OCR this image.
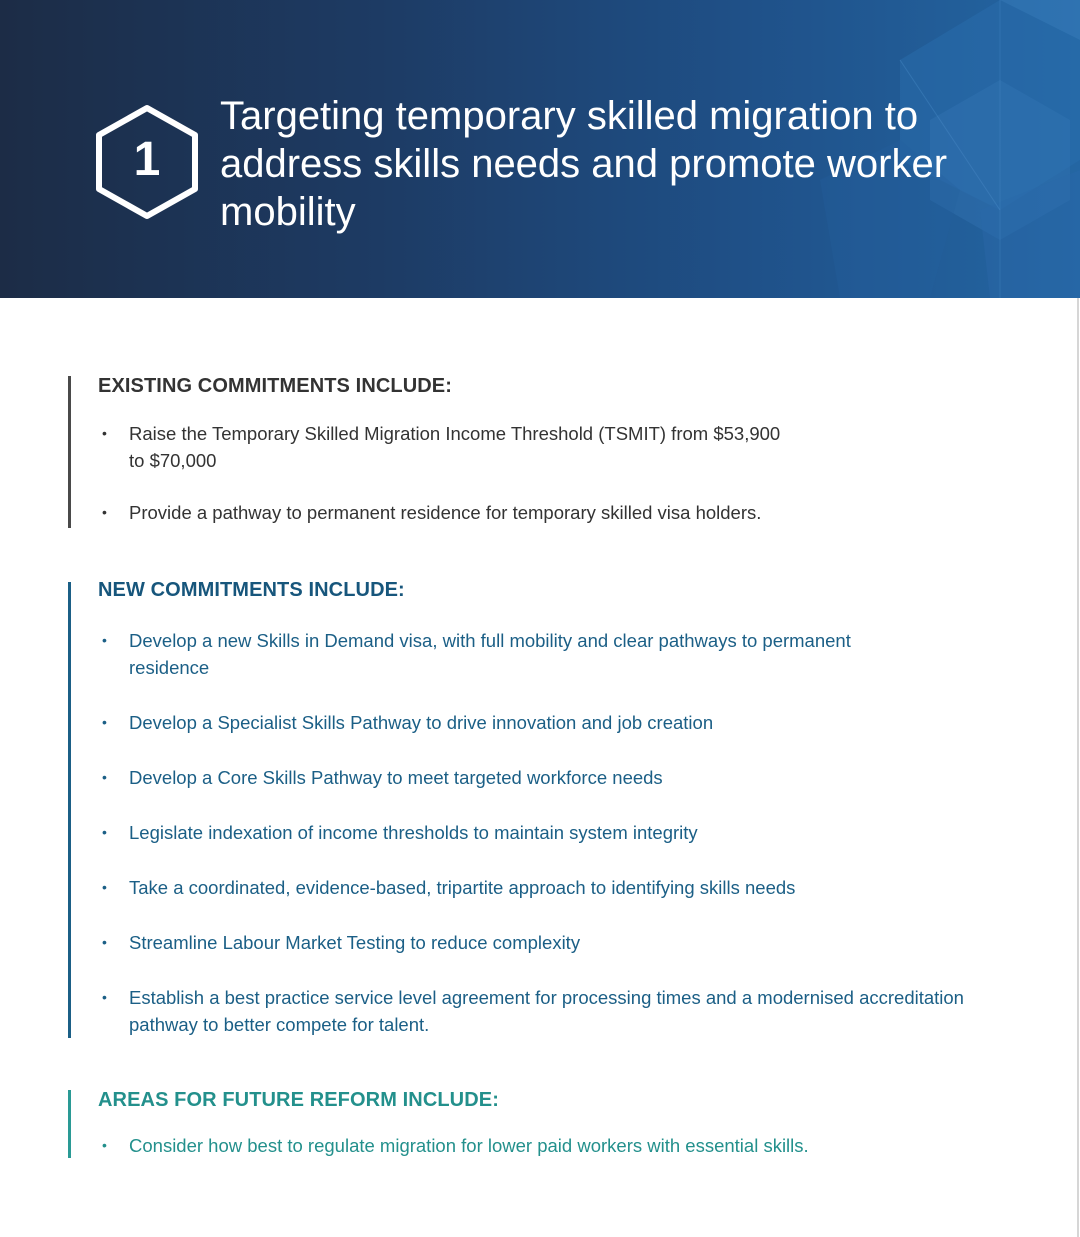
1
Targeting temporary skilled migration to address skills needs and promote worker mobility
EXISTING COMMITMENTS INCLUDE:
• Raise the Temporary Skilled Migration Income Threshold (TSMIT) from $53,900 to $70,000
• Provide a pathway to permanent residence for temporary skilled visa holders.
NEW COMMITMENTS INCLUDE:
• Develop a new Skills in Demand visa, with full mobility and clear pathways to permanent residence
• Develop a Specialist Skills Pathway to drive innovation and job creation
• Develop a Core Skills Pathway to meet targeted workforce needs
• Legislate indexation of income thresholds to maintain system integrity
• Take a coordinated, evidence-based, tripartite approach to identifying skills needs
• Streamline Labour Market Testing to reduce complexity
• Establish a best practice service level agreement for processing times and a modernised accreditation pathway to better compete for talent.
AREAS FOR FUTURE REFORM INCLUDE:
• Consider how best to regulate migration for lower paid workers with essential skills.
